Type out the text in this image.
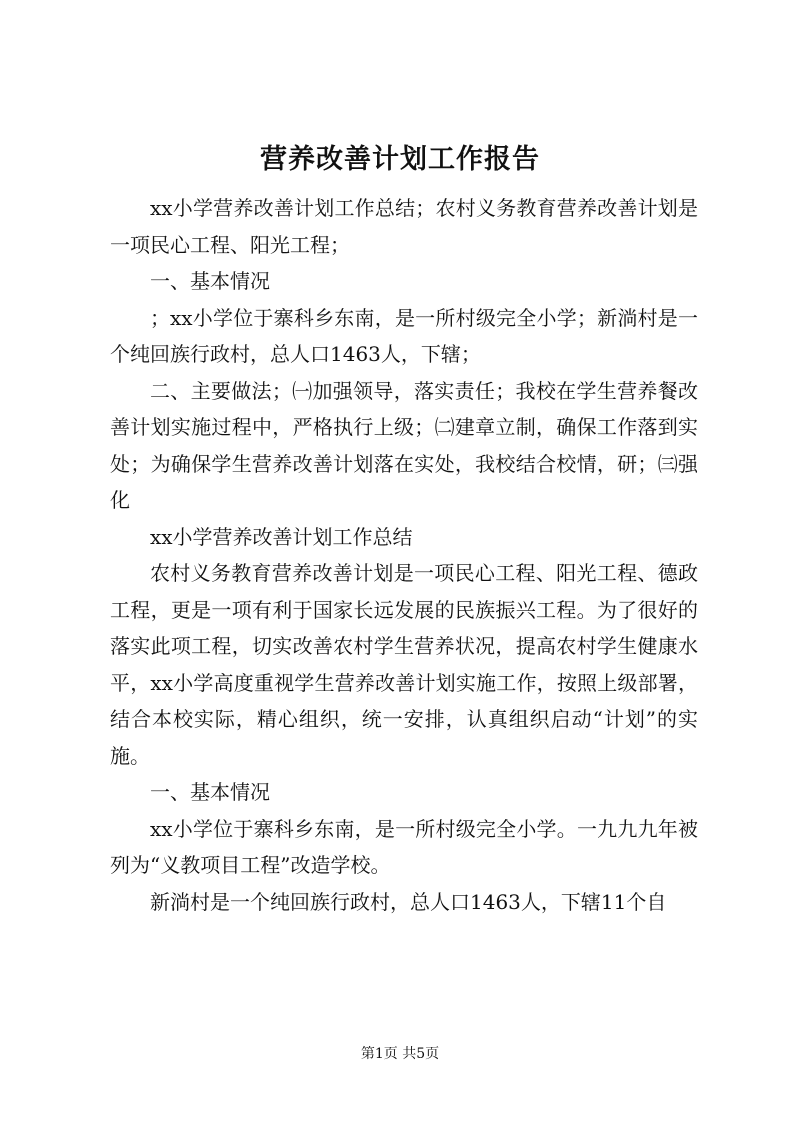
营养改善计划工作报告

xx小学营养改善计划工作总结；农村义务教育营养改善计划是一项民心工程、阳光工程；

一、基本情况

；xx小学位于寨科乡东南，是一所村级完全小学；新淌村是一个纯回族行政村，总人口1463人，下辖；

二、主要做法；㈠加强领导，落实责任；我校在学生营养餐改善计划实施过程中，严格执行上级；㈡建章立制，确保工作落到实处；为确保学生营养改善计划落在实处，我校结合校情，研；㈢强化

xx小学营养改善计划工作总结

农村义务教育营养改善计划是一项民心工程、阳光工程、德政工程，更是一项有利于国家长远发展的民族振兴工程。为了很好的落实此项工程，切实改善农村学生营养状况，提高农村学生健康水平，xx小学高度重视学生营养改善计划实施工作，按照上级部署，结合本校实际，精心组织，统一安排，认真组织启动“计划”的实施。

一、基本情况

xx小学位于寨科乡东南，是一所村级完全小学。一九九九年被列为“义教项目工程”改造学校。

新淌村是一个纯回族行政村，总人口1463人，下辖11个自

第1页 共5页
